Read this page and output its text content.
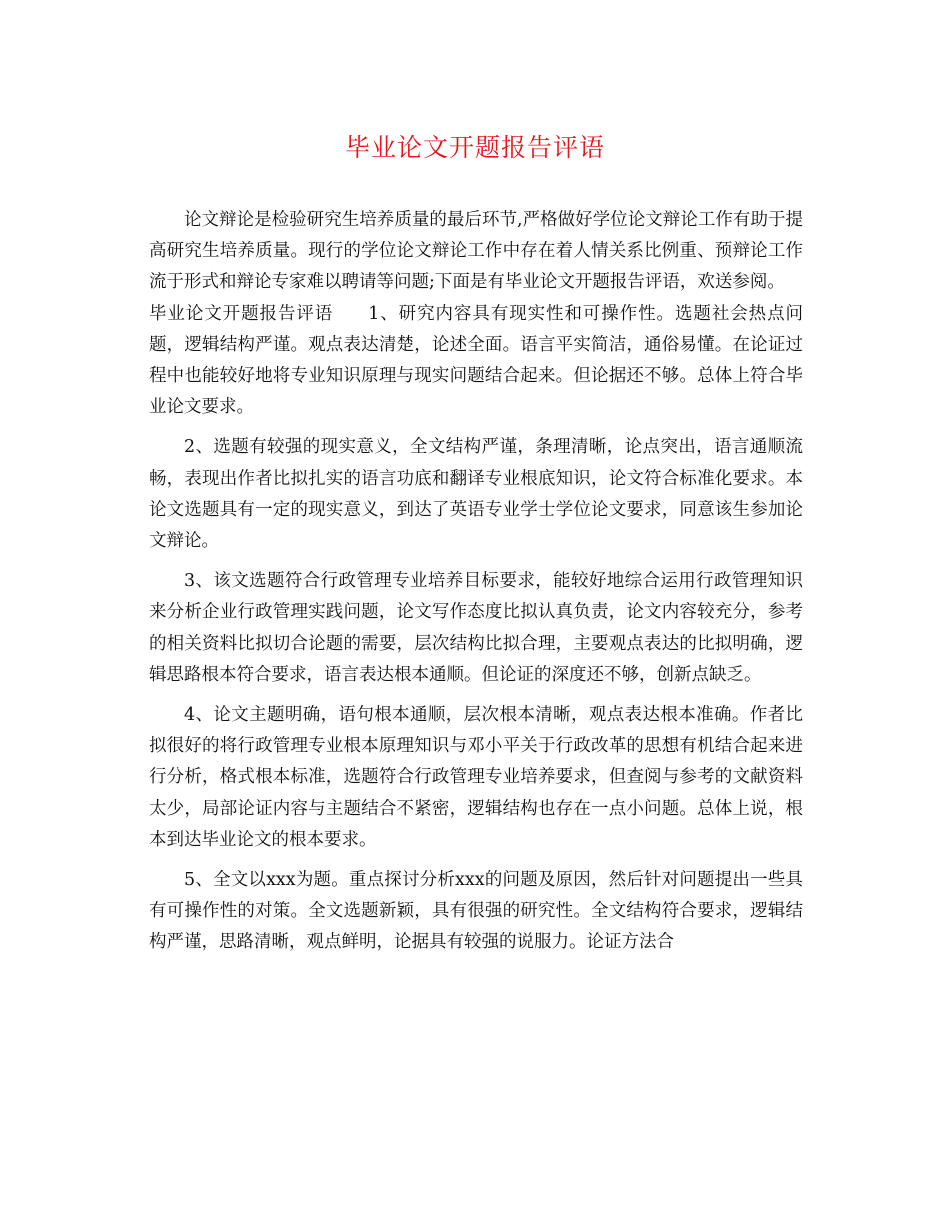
毕业论文开题报告评语

论文辩论是检验研究生培养质量的最后环节,严格做好学位论文辩论工作有助于提高研究生培养质量。现行的学位论文辩论工作中存在着人情关系比例重、预辩论工作流于形式和辩论专家难以聘请等问题;下面是有毕业论文开题报告评语，欢送参阅。

毕业论文开题报告评语 1、研究内容具有现实性和可操作性。选题社会热点问题，逻辑结构严谨。观点表达清楚，论述全面。语言平实简洁，通俗易懂。在论证过程中也能较好地将专业知识原理与现实问题结合起来。但论据还不够。总体上符合毕业论文要求。

2、选题有较强的现实意义，全文结构严谨，条理清晰，论点突出，语言通顺流畅，表现出作者比拟扎实的语言功底和翻译专业根底知识，论文符合标准化要求。本论文选题具有一定的现实意义，到达了英语专业学士学位论文要求，同意该生参加论文辩论。

3、该文选题符合行政管理专业培养目标要求，能较好地综合运用行政管理知识来分析企业行政管理实践问题，论文写作态度比拟认真负责，论文内容较充分，参考的相关资料比拟切合论题的需要，层次结构比拟合理，主要观点表达的比拟明确，逻辑思路根本符合要求，语言表达根本通顺。但论证的深度还不够，创新点缺乏。

4、论文主题明确，语句根本通顺，层次根本清晰，观点表达根本准确。作者比拟很好的将行政管理专业根本原理知识与邓小平关于行政改革的思想有机结合起来进行分析，格式根本标准，选题符合行政管理专业培养要求，但查阅与参考的文献资料太少，局部论证内容与主题结合不紧密，逻辑结构也存在一点小问题。总体上说，根本到达毕业论文的根本要求。

5、全文以xxx为题。重点探讨分析xxx的问题及原因，然后针对问题提出一些具有可操作性的对策。全文选题新颖，具有很强的研究性。全文结构符合要求，逻辑结构严谨，思路清晰，观点鲜明，论据具有较强的说服力。论证方法合
